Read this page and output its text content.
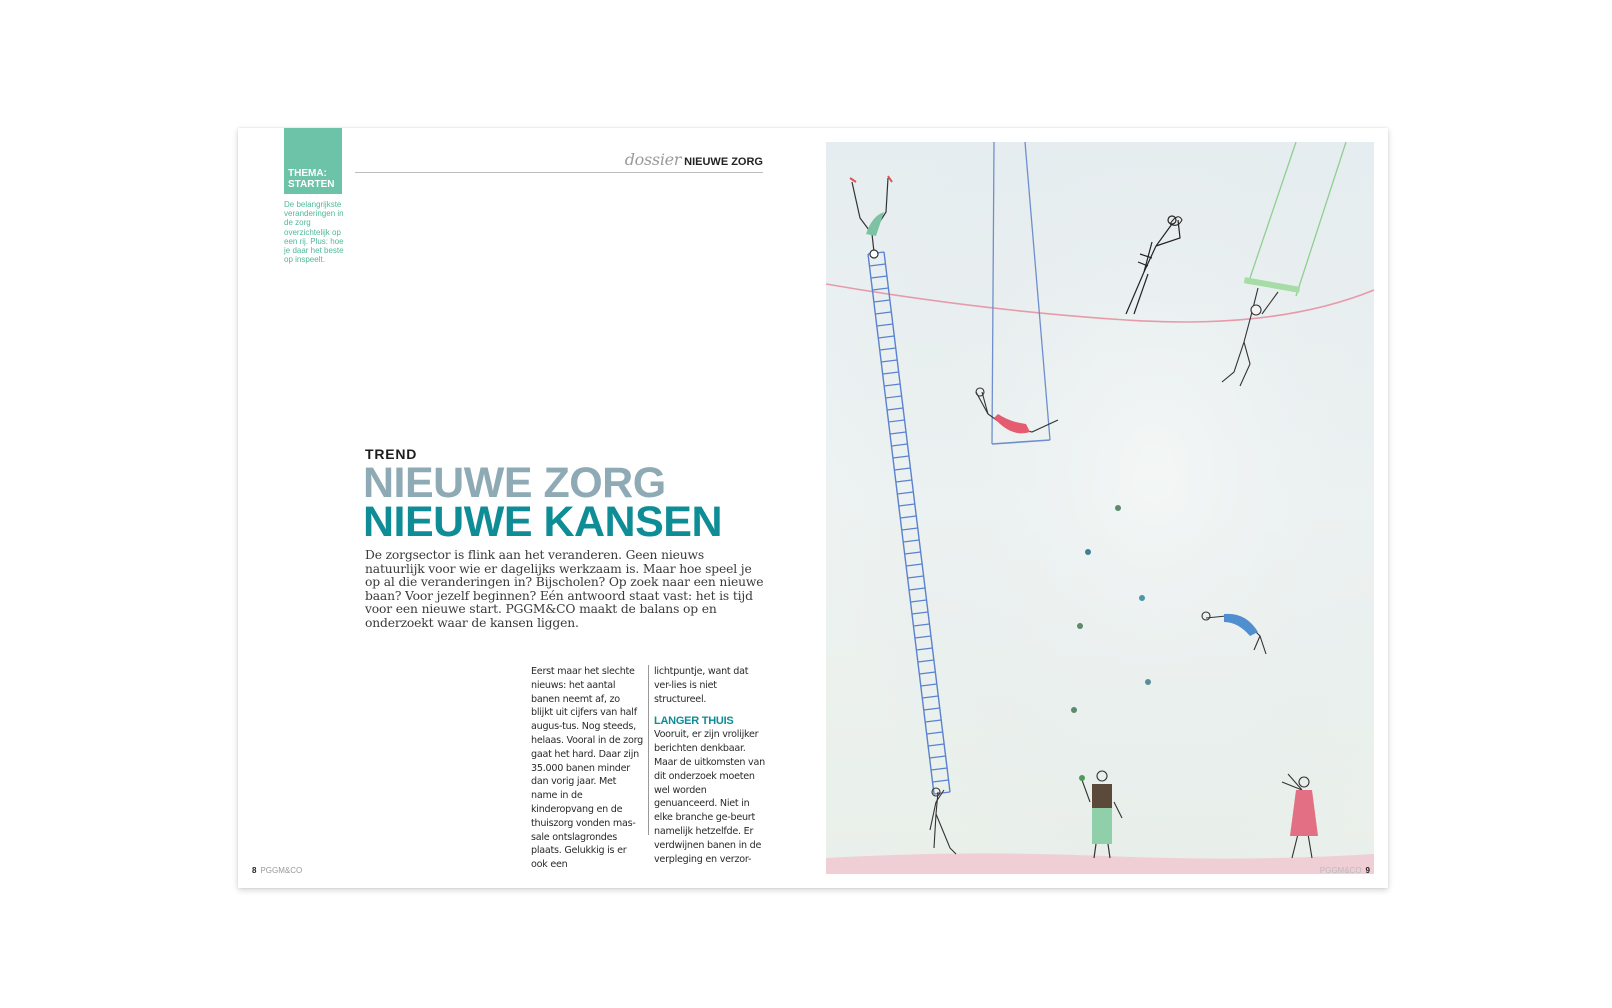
THEMA:
STARTEN
De belangrijkste veranderingen in de zorg overzichtelijk op een rij. Plus: hoe je daar het beste op inspeelt.
dossier NIEUWE ZORG
TREND
NIEUWE ZORG
NIEUWE KANSEN
De zorgsector is flink aan het veranderen. Geen nieuws natuurlijk voor wie er dagelijks werkzaam is. Maar hoe speel je op al die veranderingen in? Bijscholen? Op zoek naar een nieuwe baan? Voor jezelf beginnen? Eén antwoord staat vast: het is tijd voor een nieuwe start. PGGM&CO maakt de balans op en onderzoekt waar de kansen liggen.
Eerst maar het slechte nieuws: het aantal banen neemt af, zo blijkt uit cijfers van half augus-tus. Nog steeds, helaas. Vooral in de zorg gaat het hard. Daar zijn 35.000 banen minder dan vorig jaar. Met name in de kinderopvang en de thuiszorg vonden mas-sale ontslagrondes plaats. Gelukkig is er ook een
lichtpuntje, want dat ver-lies is niet structureel.
LANGER THUIS
Vooruit, er zijn vrolijker berichten denkbaar. Maar de uitkomsten van dit onderzoek moeten wel worden genuanceerd. Niet in elke branche ge-beurt namelijk hetzelfde. Er verdwijnen banen in de verpleging en verzor-
8 PGGM&CO	PGGM&CO 9
